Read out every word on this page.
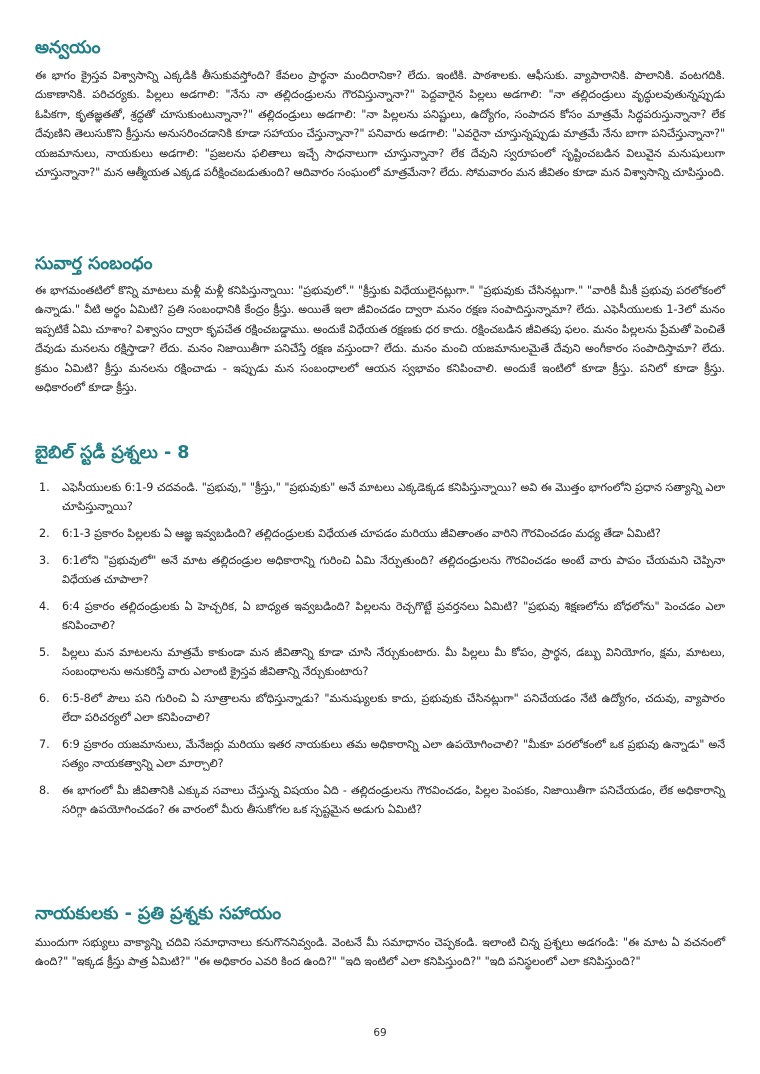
అన్వయం

ఈ భాగం క్రైస్తవ విశ్వాసాన్ని ఎక్కడికి తీసుకువస్తోంది? కేవలం ప్రార్థనా మందిరానికా? లేదు. ఇంటికి. పాఠశాలకు. ఆఫీసుకు. వ్యాపారానికి. పొలానికి. వంటగదికి. దుకాణానికి. పరిచర్యకు. పిల్లలు అడగాలి: "నేను నా తల్లిదండ్రులను గౌరవిస్తున్నానా?" పెద్దవారైన పిల్లలు అడగాలి: "నా తల్లిదండ్రులు వృద్ధులవుతున్నప్పుడు ఓపికగా, కృతజ్ఞతతో, శ్రద్ధతో చూసుకుంటున్నానా?" తల్లిదండ్రులు అడగాలి: "నా పిల్లలను పనిష్టులు, ఉద్యోగం, సంపాదన కోసం మాత్రమే సిద్ధపరుస్తున్నానా? లేక దేవుణిని తెలుసుకొని క్రీస్తును అనుసరించడానికి కూడా సహాయం చేస్తున్నానా?" పనివారు అడగాలి: "ఎవరైనా చూస్తున్నప్పుడు మాత్రమే నేను బాగా పనిచేస్తున్నానా?" యజమానులు, నాయకులు అడగాలి: "ప్రజలను ఫలితాలు ఇచ్చే సాధనాలుగా చూస్తున్నానా? లేక దేవుని స్వరూపంలో సృష్టించబడిన విలువైన మనుషులుగా చూస్తున్నానా?" మన ఆత్మీయత ఎక్కడ పరీక్షించబడుతుంది? ఆదివారం సంఘంలో మాత్రమేనా? లేదు. సోమవారం మన జీవితం కూడా మన విశ్వాసాన్ని చూపిస్తుంది.

సువార్త సంబంధం

ఈ భాగమంతటిలో కొన్ని మాటలు మళ్లీ మళ్లీ కనిపిస్తున్నాయి: "ప్రభువులో." "క్రీస్తుకు విధేయులైనట్లుగా." "ప్రభువుకు చేసినట్లుగా." "వారికీ మీకీ ప్రభువు పరలోకంలో ఉన్నాడు." వీటి అర్థం ఏమిటి? ప్రతి సంబంధానికి కేంద్రం క్రీస్తు. అయితే ఇలా జీవించడం ద్వారా మనం రక్షణ సంపాదిస్తున్నామా? లేదు. ఎఫెసీయులకు 1-3లో మనం ఇప్పటికే ఏమి చూశాం? విశ్వాసం ద్వారా కృపచేత రక్షించబడ్డాము. అందుకే విధేయత రక్షణకు ధర కాదు. రక్షించబడిన జీవితపు ఫలం. మనం పిల్లలను ప్రేమతో పెంచితే దేవుడు మనలను రక్షిస్తాడా? లేదు. మనం నిజాయితీగా పనిచేస్తే రక్షణ వస్తుందా? లేదు. మనం మంచి యజమానులమైతే దేవుని అంగీకారం సంపాదిస్తామా? లేదు. క్రమం ఏమిటి? క్రీస్తు మనలను రక్షించాడు - ఇప్పుడు మన సంబంధాలలో ఆయన స్వభావం కనిపించాలి. అందుకే ఇంటిలో కూడా క్రీస్తు. పనిలో కూడా క్రీస్తు. అధికారంలో కూడా క్రీస్తు.

బైబిల్ స్టడీ ప్రశ్నలు - 8
1.	ఎఫెసీయులకు 6:1-9 చదవండి. "ప్రభువు," "క్రీస్తు," "ప్రభువుకు" అనే మాటలు ఎక్కడెక్కడ కనిపిస్తున్నాయి? అవి ఈ మొత్తం భాగంలోని ప్రధాన సత్యాన్ని ఎలా చూపిస్తున్నాయి?
2.	6:1-3 ప్రకారం పిల్లలకు ఏ ఆజ్ఞ ఇవ్వబడింది? తల్లిదండ్రులకు విధేయత చూపడం మరియు జీవితాంతం వారిని గౌరవించడం మధ్య తేడా ఏమిటి?
3.	6:1లోని "ప్రభువులో" అనే మాట తల్లిదండ్రుల అధికారాన్ని గురించి ఏమి నేర్పుతుంది? తల్లిదండ్రులను గౌరవించడం అంటే వారు పాపం చేయమని చెప్పినా విధేయత చూపాలా?
4.	6:4 ప్రకారం తల్లిదండ్రులకు ఏ హెచ్చరిక, ఏ బాధ్యత ఇవ్వబడింది? పిల్లలను రెచ్చగొట్టే ప్రవర్తనలు ఏమిటి? "ప్రభువు శిక్షణలోను బోధలోను" పెంచడం ఎలా కనిపించాలి?
5.	పిల్లలు మన మాటలను మాత్రమే కాకుండా మన జీవితాన్ని కూడా చూసి నేర్చుకుంటారు. మీ పిల్లలు మీ కోపం, ప్రార్థన, డబ్బు వినియోగం, క్షమ, మాటలు, సంబంధాలను అనుకరిస్తే వారు ఎలాంటి క్రైస్తవ జీవితాన్ని నేర్చుకుంటారు?
6.	6:5-8లో పౌలు పని గురించి ఏ సూత్రాలను బోధిస్తున్నాడు? "మనుష్యులకు కాదు, ప్రభువుకు చేసినట్లుగా" పనిచేయడం నేటి ఉద్యోగం, చదువు, వ్యాపారం లేదా పరిచర్యలో ఎలా కనిపించాలి?
7.	6:9 ప్రకారం యజమానులు, మేనేజర్లు మరియు ఇతర నాయకులు తమ అధికారాన్ని ఎలా ఉపయోగించాలి? "మీకూ పరలోకంలో ఒక ప్రభువు ఉన్నాడు" అనే సత్యం నాయకత్వాన్ని ఎలా మార్చాలి?
8.	ఈ భాగంలో మీ జీవితానికి ఎక్కువ సవాలు చేస్తున్న విషయం ఏది - తల్లిదండ్రులను గౌరవించడం, పిల్లల పెంపకం, నిజాయితీగా పనిచేయడం, లేక అధికారాన్ని సరిగ్గా ఉపయోగించడం? ఈ వారంలో మీరు తీసుకోగల ఒక స్పష్టమైన అడుగు ఏమిటి?
నాయకులకు - ప్రతి ప్రశ్నకు సహాయం

ముందుగా సభ్యులు వాక్యాన్ని చదివి సమాధానాలు కనుగొననివ్వండి. వెంటనే మీ సమాధానం చెప్పకండి. ఇలాంటి చిన్న ప్రశ్నలు అడగండి: "ఈ మాట ఏ వచనంలో ఉంది?" "ఇక్కడ క్రీస్తు పాత్ర ఏమిటి?" "ఈ అధికారం ఎవరి కింద ఉంది?" "ఇది ఇంటిలో ఎలా కనిపిస్తుంది?" "ఇది పనిస్థలంలో ఎలా కనిపిస్తుంది?"

69
